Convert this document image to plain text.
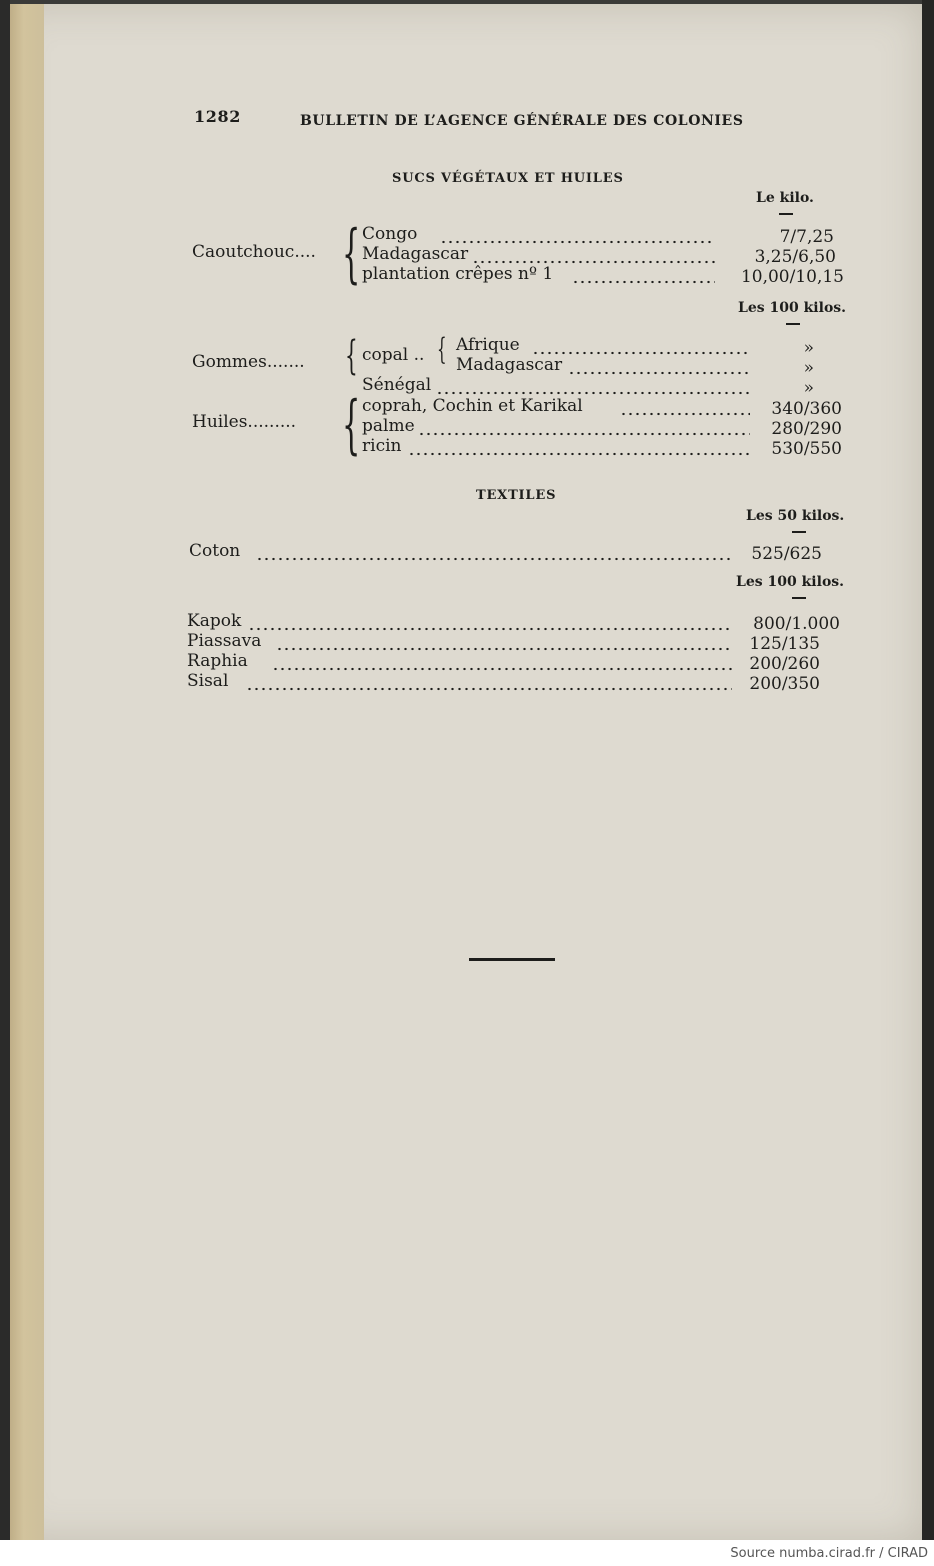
1282	BULLETIN DE L’AGENCE GÉNÉRALE DES COLONIES
SUCS VÉGÉTAUX ET HUILES
Le kilo.
Caoutchouc.... { Congo	7/7,25
Madagascar	3,25/6,50
plantation crêpes nº 1	10,00/10,15
Les 100 kilos.
Gommes....... { copal .. { Afrique	»
Madagascar	»
Sénégal	»
Huiles......... { coprah, Cochin et Karikal	340/360
palme	280/290
ricin	530/550
TEXTILES
Les 50 kilos.
Coton	525/625
Les 100 kilos.
Kapok	800/1.000
Piassava	125/135
Raphia	200/260
Sisal	200/350
Source numba.cirad.fr / CIRAD
